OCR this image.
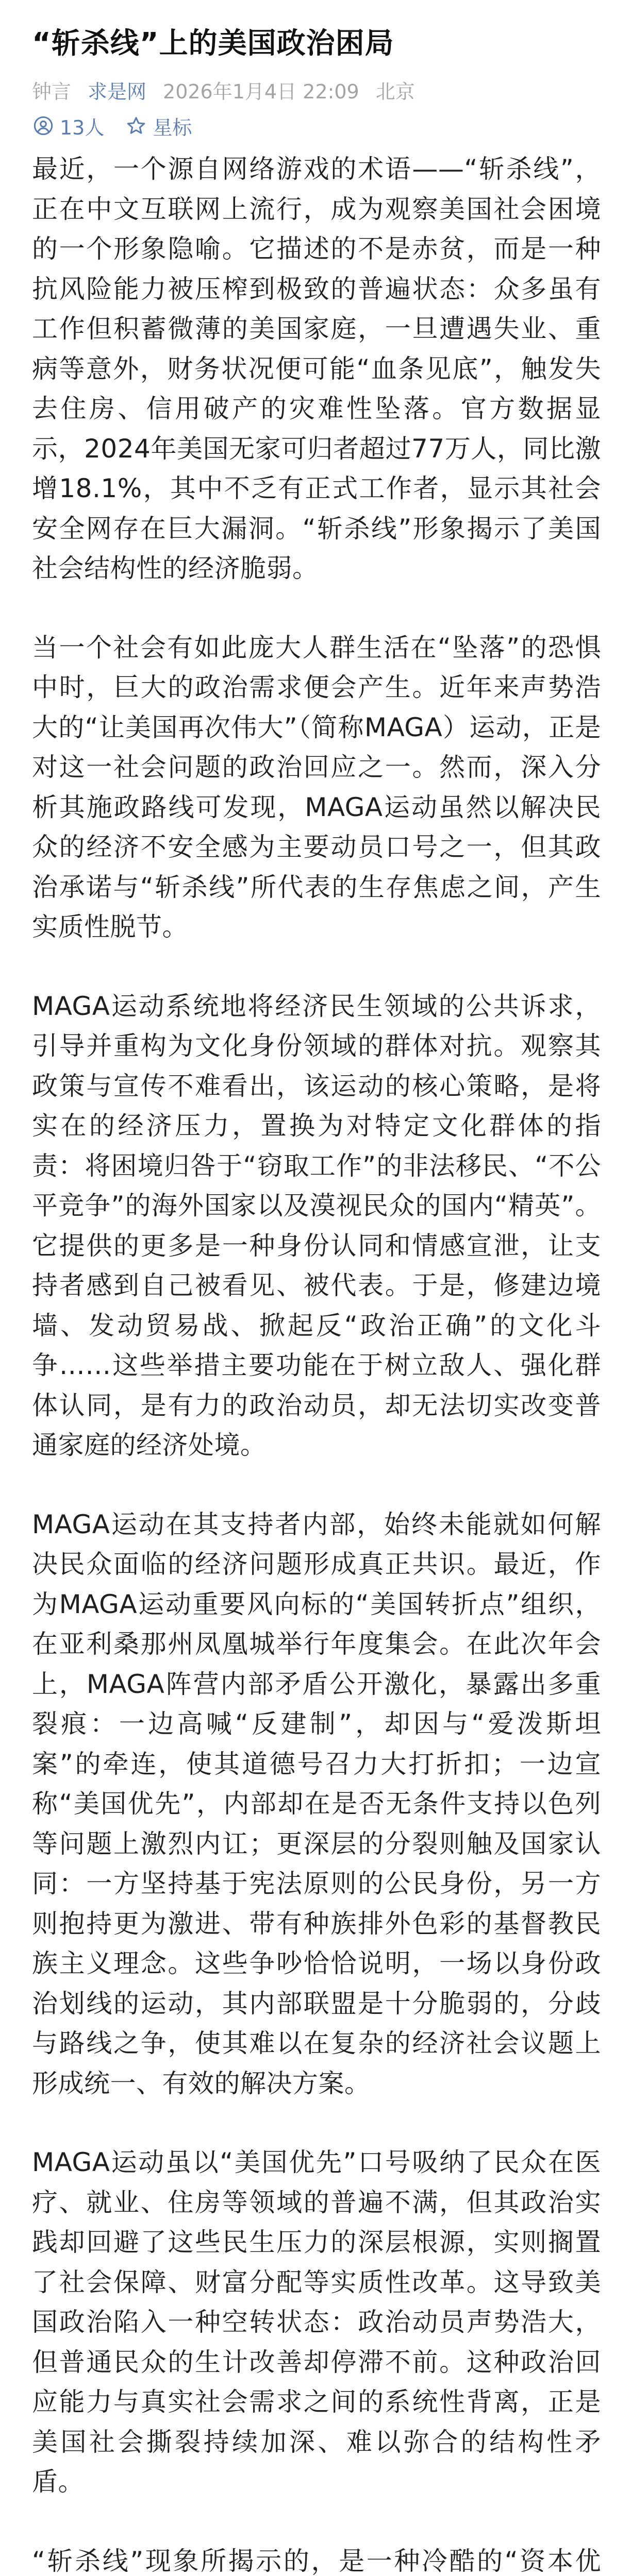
“斩杀线”上的美国政治困局
钟言 求是网 2026年1月4日 22:09 北京
13人 星标

最近，一个源自网络游戏的术语——“斩杀线”，正在中文互联网上流行，成为观察美国社会困境的一个形象隐喻。它描述的不是赤贫，而是一种抗风险能力被压榨到极致的普遍状态：众多虽有工作但积蓄微薄的美国家庭，一旦遭遇失业、重病等意外，财务状况便可能“血条见底”，触发失去住房、信用破产的灾难性坠落。官方数据显示，2024年美国无家可归者超过77万人，同比激增18.1%，其中不乏有正式工作者，显示其社会安全网存在巨大漏洞。“斩杀线”形象揭示了美国社会结构性的经济脆弱。

当一个社会有如此庞大人群生活在“坠落”的恐惧中时，巨大的政治需求便会产生。近年来声势浩大的“让美国再次伟大”（简称MAGA）运动，正是对这一社会问题的政治回应之一。然而，深入分析其施政路线可发现，MAGA运动虽然以解决民众的经济不安全感为主要动员口号之一，但其政治承诺与“斩杀线”所代表的生存焦虑之间，产生实质性脱节。

MAGA运动系统地将经济民生领域的公共诉求，引导并重构为文化身份领域的群体对抗。观察其政策与宣传不难看出，该运动的核心策略，是将实在的经济压力，置换为对特定文化群体的指责：将困境归咎于“窃取工作”的非法移民、“不公平竞争”的海外国家以及漠视民众的国内“精英”。它提供的更多是一种身份认同和情感宣泄，让支持者感到自己被看见、被代表。于是，修建边境墙、发动贸易战、掀起反“政治正确”的文化斗争……这些举措主要功能在于树立敌人、强化群体认同，是有力的政治动员，却无法切实改变普通家庭的经济处境。

MAGA运动在其支持者内部，始终未能就如何解决民众面临的经济问题形成真正共识。最近，作为MAGA运动重要风向标的“美国转折点”组织，在亚利桑那州凤凰城举行年度集会。在此次年会上，MAGA阵营内部矛盾公开激化，暴露出多重裂痕：一边高喊“反建制”，却因与“爱泼斯坦案”的牵连，使其道德号召力大打折扣；一边宣称“美国优先”，内部却在是否无条件支持以色列等问题上激烈内讧；更深层的分裂则触及国家认同：一方坚持基于宪法原则的公民身份，另一方则抱持更为激进、带有种族排外色彩的基督教民族主义理念。这些争吵恰恰说明，一场以身份政治划线的运动，其内部联盟是十分脆弱的，分歧与路线之争，使其难以在复杂的经济社会议题上形成统一、有效的解决方案。

MAGA运动虽以“美国优先”口号吸纳了民众在医疗、就业、住房等领域的普遍不满，但其政治实践却回避了这些民生压力的深层根源，实则搁置了社会保障、财富分配等实质性改革。这导致美国政治陷入一种空转状态：政治动员声势浩大，但普通民众的生计改善却停滞不前。这种政治回应能力与真实社会需求之间的系统性背离，正是美国社会撕裂持续加深、难以弥合的结构性矛盾。

“斩杀线”现象所揭示的，是一种冷酷的“资本优
